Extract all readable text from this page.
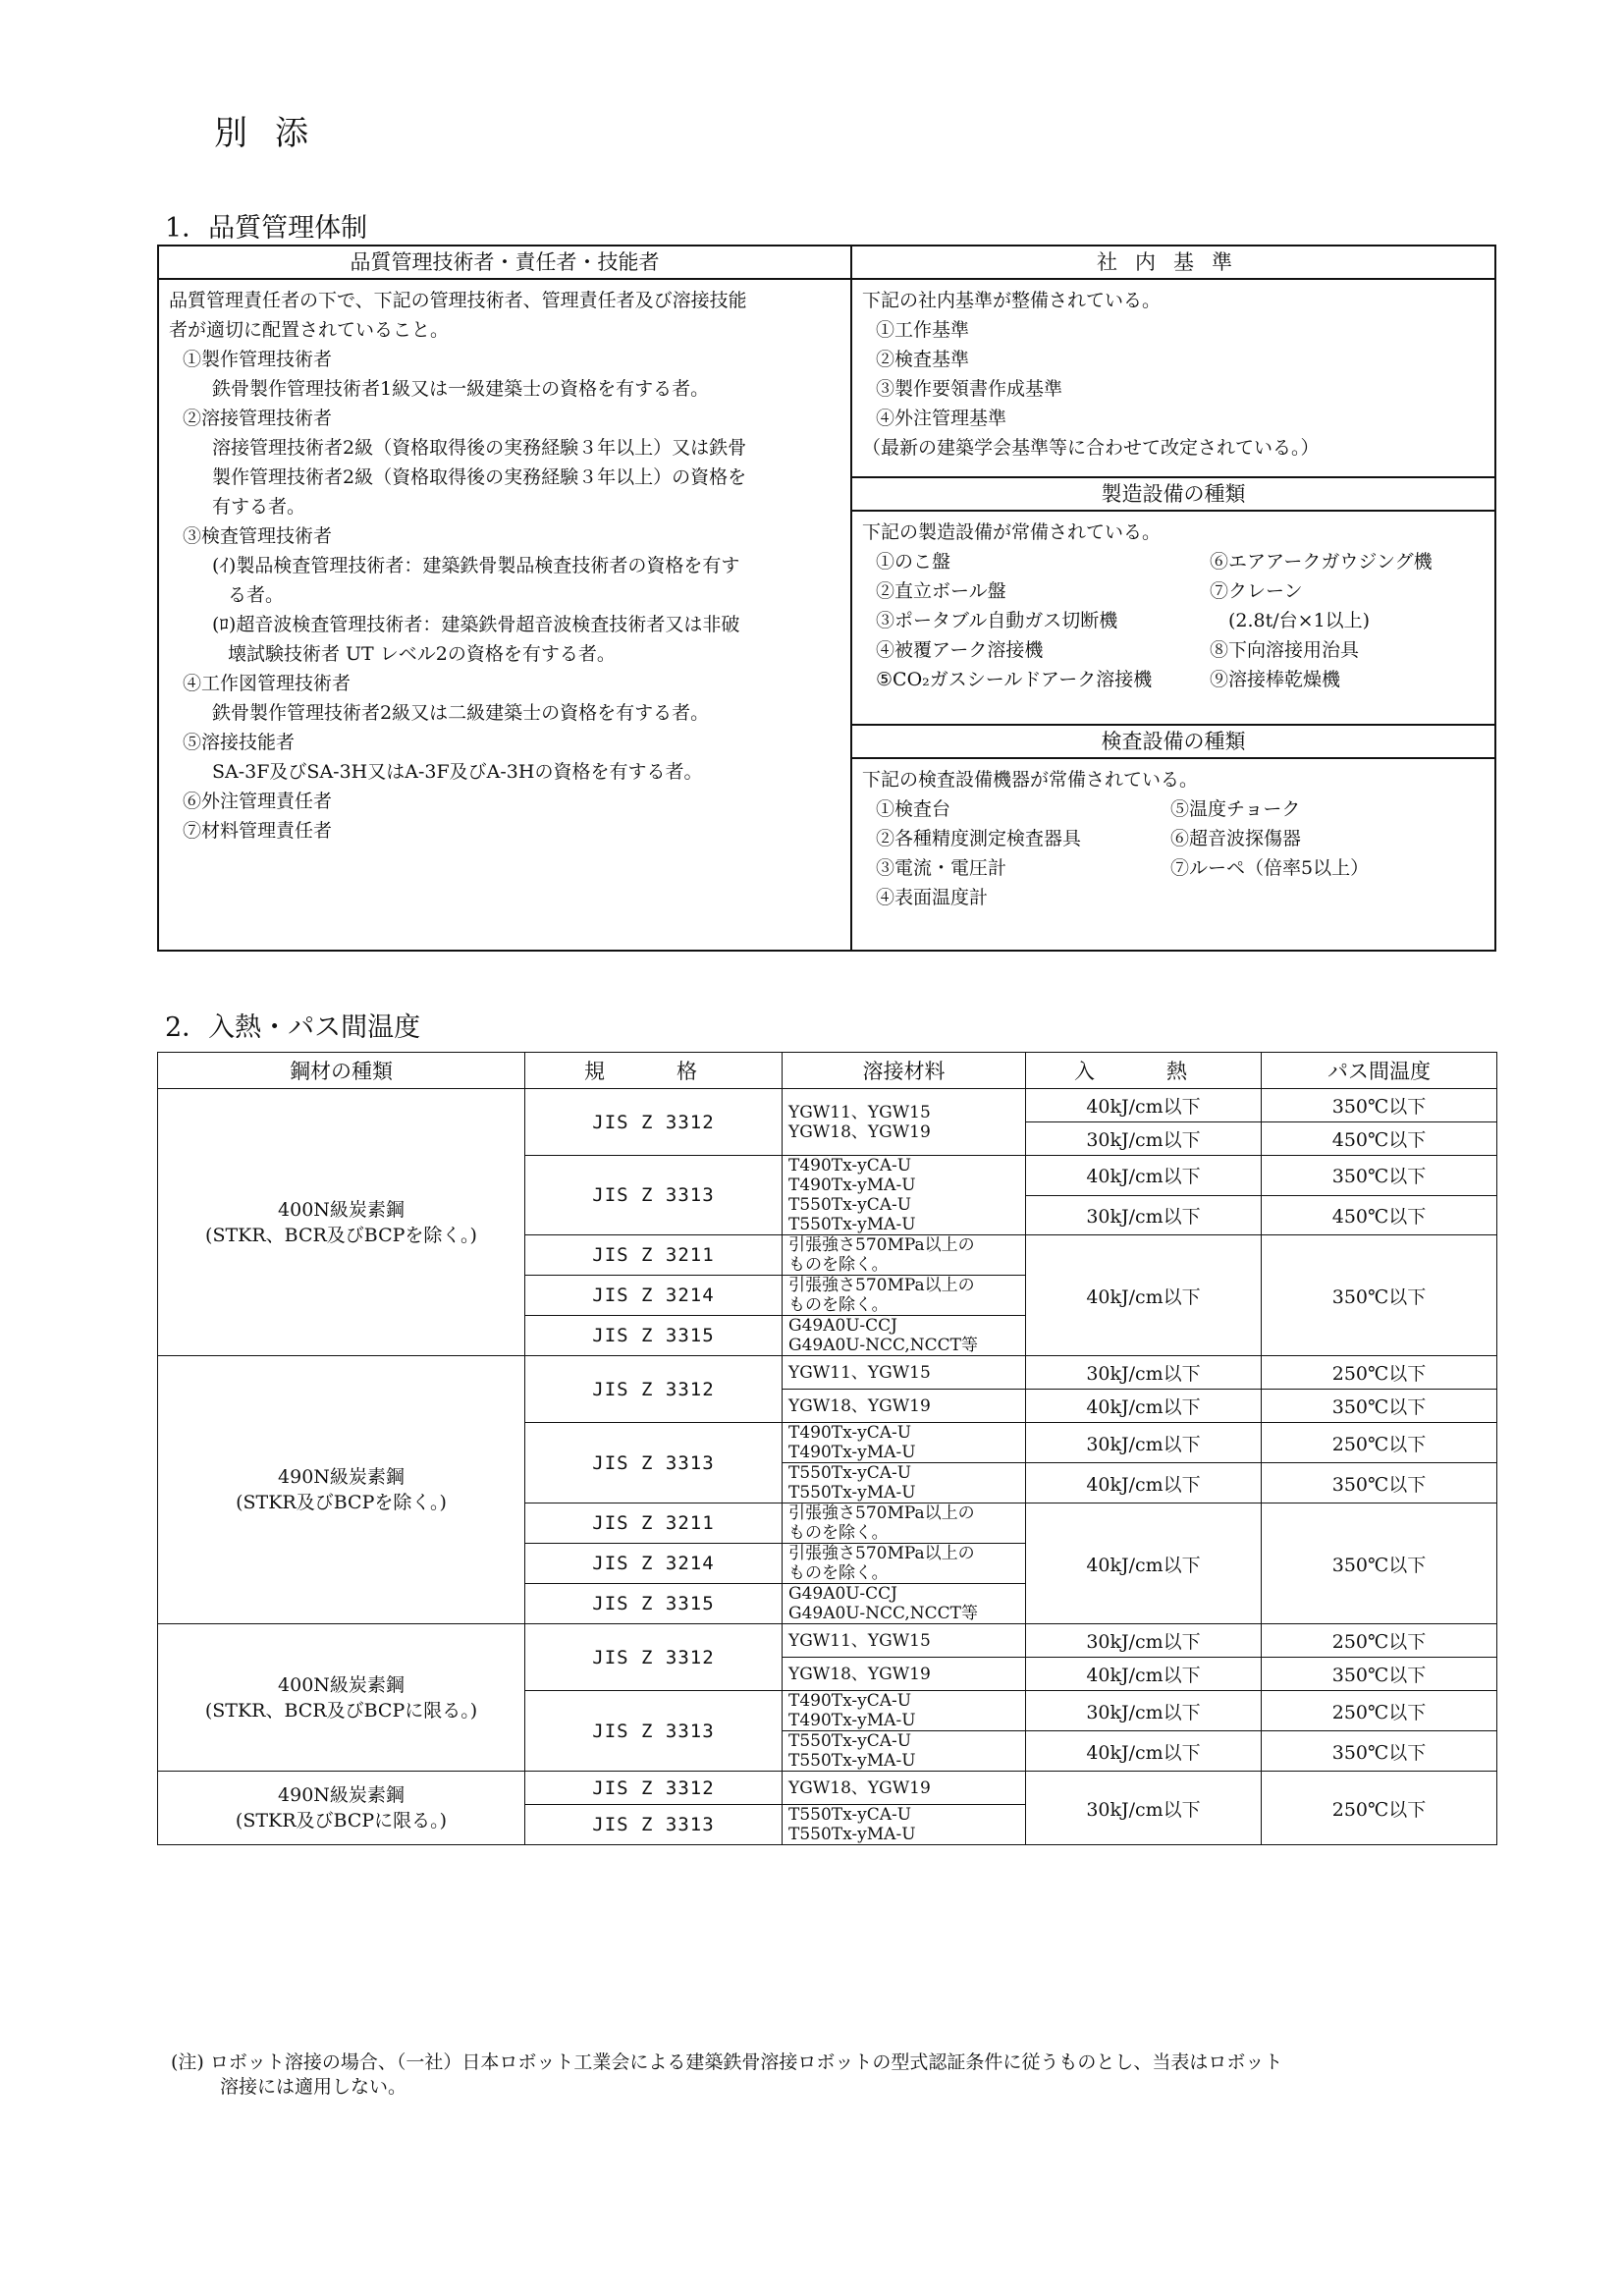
別添
1．品質管理体制
品質管理技術者・責任者・技能者
品質管理責任者の下で、下記の管理技術者、管理責任者及び溶接技能
者が適切に配置されていること。
①製作管理技術者
鉄骨製作管理技術者1級又は一級建築士の資格を有する者。
②溶接管理技術者
溶接管理技術者2級（資格取得後の実務経験３年以上）又は鉄骨
製作管理技術者2級（資格取得後の実務経験３年以上）の資格を
有する者。
③検査管理技術者
(ｲ)製品検査管理技術者：建築鉄骨製品検査技術者の資格を有す
る者。
(ﾛ)超音波検査管理技術者：建築鉄骨超音波検査技術者又は非破
壊試験技術者 UT レベル2の資格を有する者。
④工作図管理技術者
鉄骨製作管理技術者2級又は二級建築士の資格を有する者。
⑤溶接技能者
SA-3F及びSA-3H又はA-3F及びA-3Hの資格を有する者。
⑥外注管理責任者
⑦材料管理責任者
社内基準
下記の社内基準が整備されている。
①工作基準
②検査基準
③製作要領書作成基準
④外注管理基準
（最新の建築学会基準等に合わせて改定されている。）
製造設備の種類
下記の製造設備が常備されている。
①のこ盤	⑥エアアークガウジング機
②直立ボール盤	⑦クレーン
③ポータブル自動ガス切断機	　(2.8t/台×1以上)
④被覆アーク溶接機	⑧下向溶接用治具
⑤CO₂ガスシールドアーク溶接機	⑨溶接棒乾燥機
検査設備の種類
下記の検査設備機器が常備されている。
①検査台	⑤温度チョーク
②各種精度測定検査器具	⑥超音波探傷器
③電流・電圧計	⑦ルーペ（倍率5以上）
④表面温度計
2．入熱・パス間温度
鋼材の種類	規　格	溶接材料	入　熱	パス間温度
400N級炭素鋼
(STKR、BCR及びBCPを除く。)	JIS Z 3312	YGW11、YGW15
YGW18、YGW19	40kJ/cm以下	350℃以下
			30kJ/cm以下	450℃以下
	JIS Z 3313	T490Tx-yCA-U
T490Tx-yMA-U
T550Tx-yCA-U
T550Tx-yMA-U	40kJ/cm以下	350℃以下
			30kJ/cm以下	450℃以下
	JIS Z 3211	引張強さ570MPa以上の
ものを除く。	40kJ/cm以下	350℃以下
	JIS Z 3214	引張強さ570MPa以上の
ものを除く。		
	JIS Z 3315	G49A0U-CCJ
G49A0U-NCC,NCCT等		
490N級炭素鋼
(STKR及びBCPを除く。)	JIS Z 3312	YGW11、YGW15	30kJ/cm以下	250℃以下
		YGW18、YGW19	40kJ/cm以下	350℃以下
	JIS Z 3313	T490Tx-yCA-U
T490Tx-yMA-U	30kJ/cm以下	250℃以下
		T550Tx-yCA-U
T550Tx-yMA-U	40kJ/cm以下	350℃以下
	JIS Z 3211	引張強さ570MPa以上の
ものを除く。	40kJ/cm以下	350℃以下
	JIS Z 3214	引張強さ570MPa以上の
ものを除く。		
	JIS Z 3315	G49A0U-CCJ
G49A0U-NCC,NCCT等		
400N級炭素鋼
(STKR、BCR及びBCPに限る。)	JIS Z 3312	YGW11、YGW15	30kJ/cm以下	250℃以下
		YGW18、YGW19	40kJ/cm以下	350℃以下
	JIS Z 3313	T490Tx-yCA-U
T490Tx-yMA-U	30kJ/cm以下	250℃以下
		T550Tx-yCA-U
T550Tx-yMA-U	40kJ/cm以下	350℃以下
490N級炭素鋼
(STKR及びBCPに限る。)	JIS Z 3312	YGW18、YGW19	30kJ/cm以下	250℃以下
	JIS Z 3313	T550Tx-yCA-U
T550Tx-yMA-U		
(注) ロボット溶接の場合、（一社）日本ロボット工業会による建築鉄骨溶接ロボットの型式認証条件に従うものとし、当表はロボット
溶接には適用しない。
